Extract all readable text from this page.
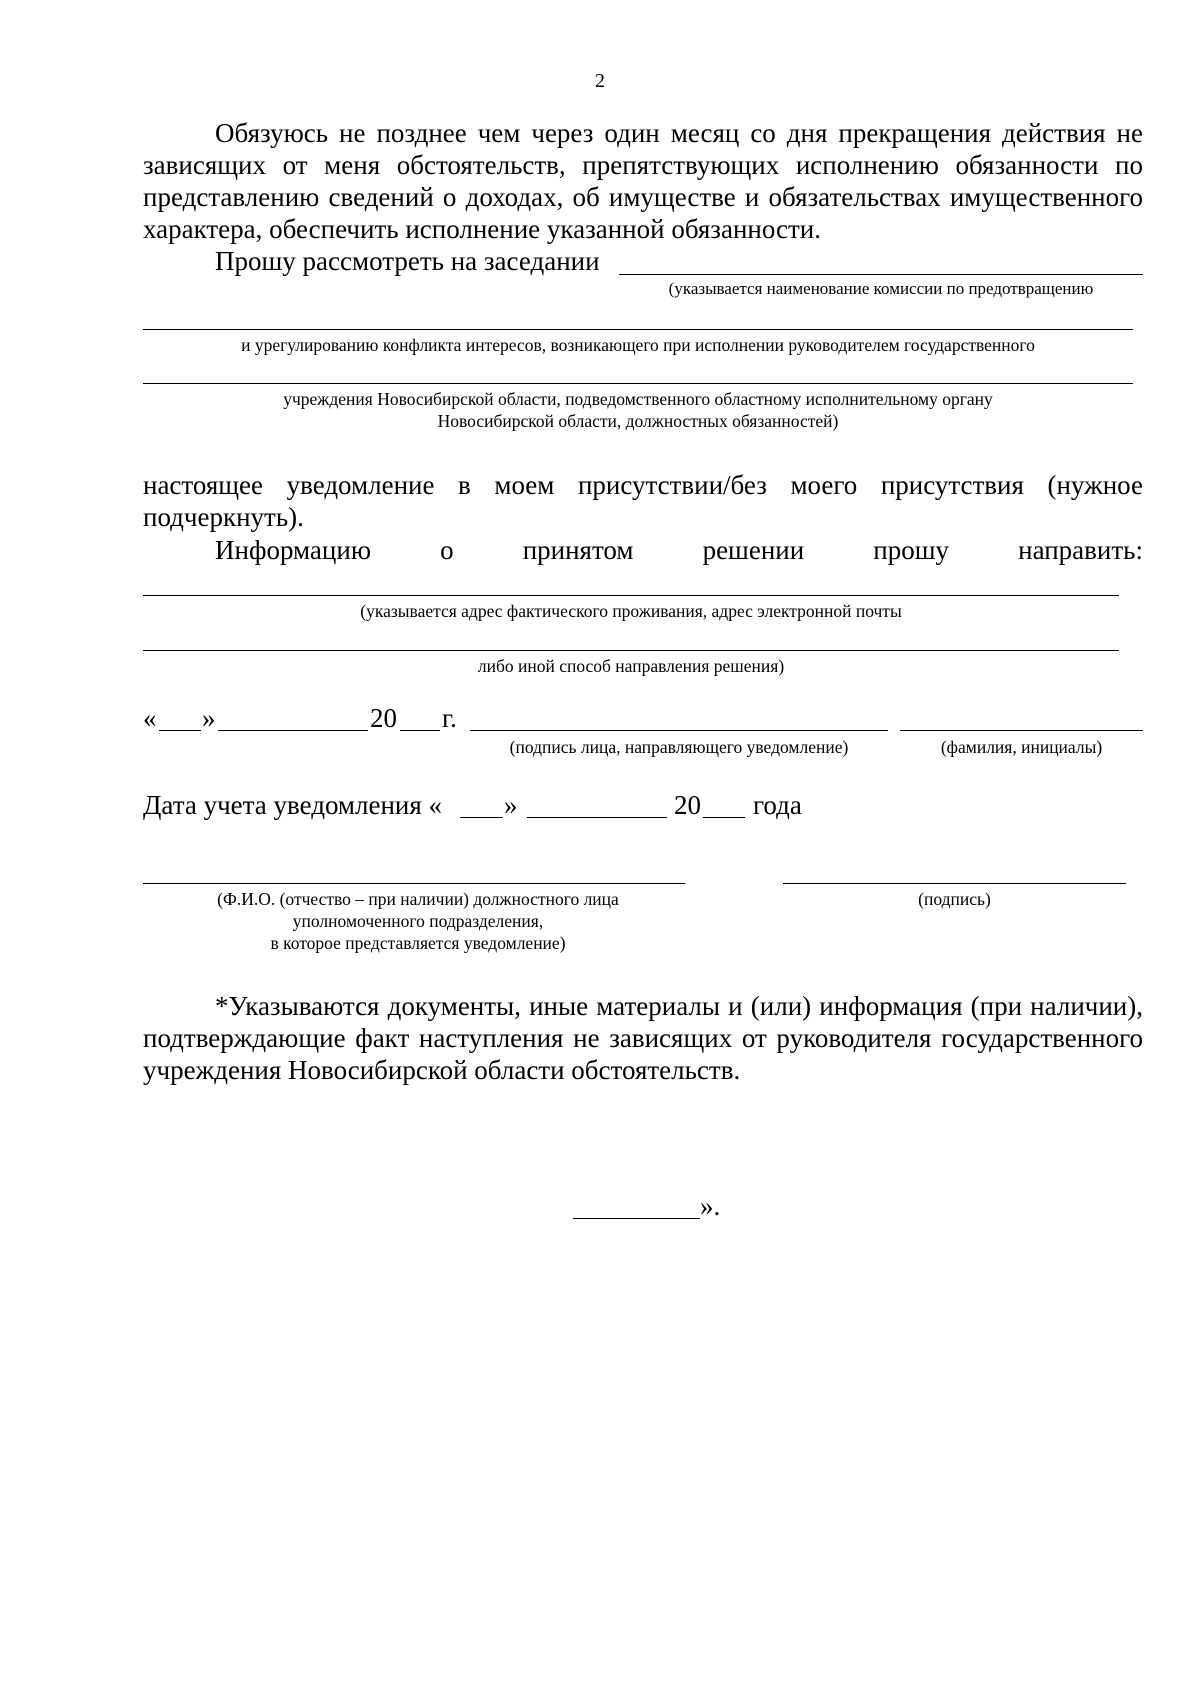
2
Обязуюсь не позднее чем через один месяц со дня прекращения действия не зависящих от меня обстоятельств, препятствующих исполнению обязанности по представлению сведений о доходах, об имуществе и обязательствах имущественного характера, обеспечить исполнение указанной обязанности.
Прошу рассмотреть на заседании
(указывается наименование комиссии по предотвращению
и урегулированию конфликта интересов, возникающего при исполнении руководителем государственного
учреждения Новосибирской области, подведомственного областному исполнительному органу
Новосибирской области, должностных обязанностей)
настоящее уведомление в моем присутствии/без моего присутствия (нужное подчеркнуть).
Информацию	о	принятом	решении	прошу	направить:
(указывается адрес фактического проживания, адрес электронной почты
либо иной способ направления решения)
« »	20 г.
(подпись лица, направляющего уведомление)	(фамилия, инициалы)
Дата учета уведомления « »	20 года
(Ф.И.О. (отчество – при наличии) должностного лица
уполномоченного подразделения,
в которое представляется уведомление)
(подпись)
*Указываются документы, иные материалы и (или) информация (при наличии), подтверждающие факт наступления не зависящих от руководителя государственного учреждения Новосибирской области обстоятельств.
».
